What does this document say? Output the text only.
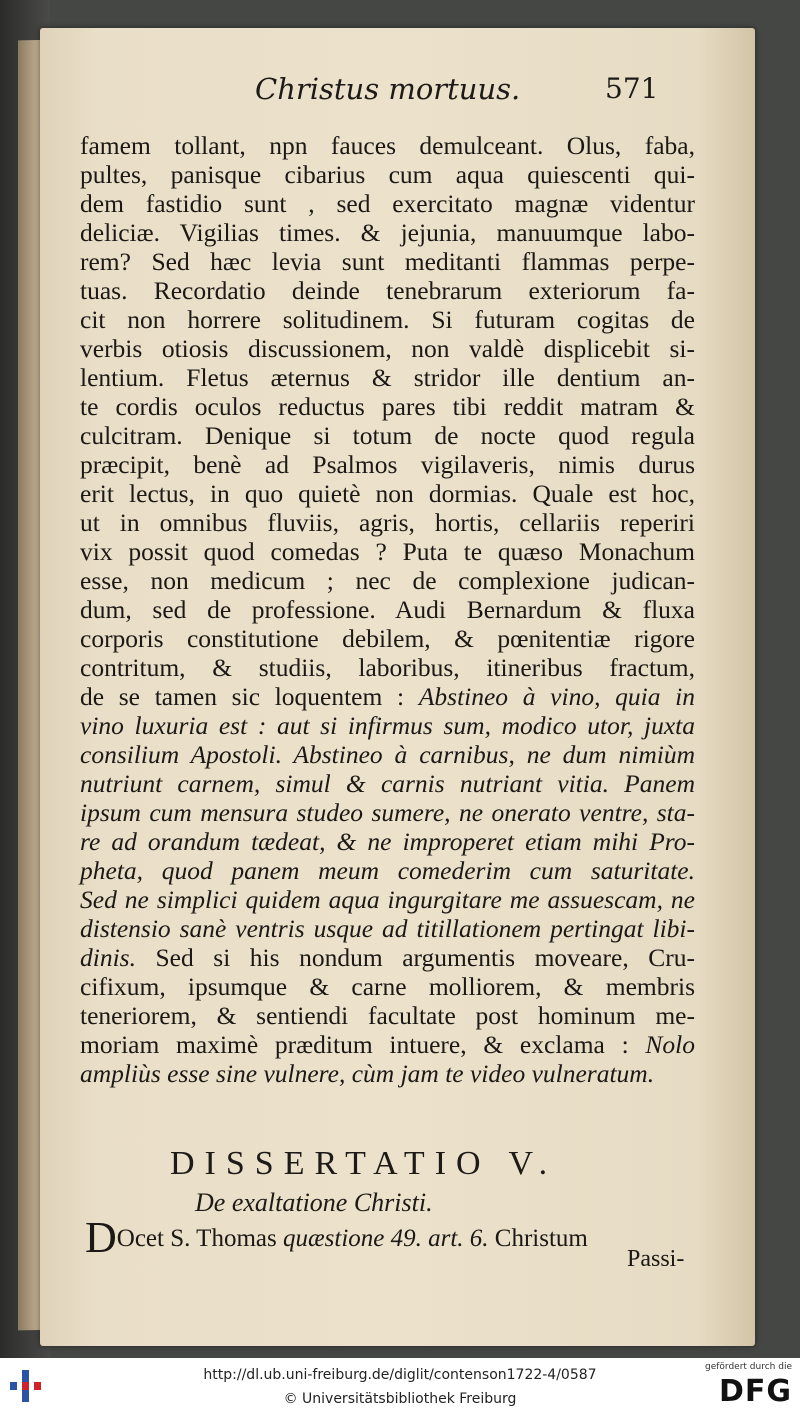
Christus mortuus.	571
famem tollant, npn fauces demulceant. Olus, faba,
pultes, panisque cibarius cum aqua quiescenti qui-
dem fastidio sunt , sed exercitato magnæ videntur
deliciæ. Vigilias times. & jejunia, manuumque labo-
rem? Sed hæc levia sunt meditanti flammas perpe-
tuas. Recordatio deinde tenebrarum exteriorum fa-
cit non horrere solitudinem. Si futuram cogitas de
verbis otiosis discussionem, non valdè displicebit si-
lentium. Fletus æternus & stridor ille dentium an-
te cordis oculos reductus pares tibi reddit matram &
culcitram. Denique si totum de nocte quod regula
præcipit, benè ad Psalmos vigilaveris, nimis durus
erit lectus, in quo quietè non dormias. Quale est hoc,
ut in omnibus fluviis, agris, hortis, cellariis reperiri
vix possit quod comedas ? Puta te quæso Monachum
esse, non medicum ; nec de complexione judican-
dum, sed de professione. Audi Bernardum & fluxa
corporis constitutione debilem, & pœnitentiæ rigore
contritum, & studiis, laboribus, itineribus fractum,
de se tamen sic loquentem : Abstineo à vino, quia in
vino luxuria est : aut si infirmus sum, modico utor, juxta
consilium Apostoli. Abstineo à carnibus, ne dum nimiùm
nutriunt carnem, simul & carnis nutriant vitia. Panem
ipsum cum mensura studeo sumere, ne onerato ventre, sta-
re ad orandum tædeat, & ne improperet etiam mihi Pro-
pheta, quod panem meum comederim cum saturitate.
Sed ne simplici quidem aqua ingurgitare me assuescam, ne
distensio sanè ventris usque ad titillationem pertingat libi-
dinis. Sed si his nondum argumentis moveare, Cru-
cifixum, ipsumque & carne molliorem, & membris
teneriorem, & sentiendi facultate post hominum me-
moriam maximè præditum intuere, & exclama : Nolo
ampliùs esse sine vulnere, cùm jam te video vulneratum.
DISSERTATIO V.
De exaltatione Christi.
DOcet S. Thomas quæstione 49. art. 6. Christum
Passi-
http://dl.ub.uni-freiburg.de/diglit/contenson1722-4/0587
© Universitätsbibliothek Freiburg
gefördert durch die
DFG
